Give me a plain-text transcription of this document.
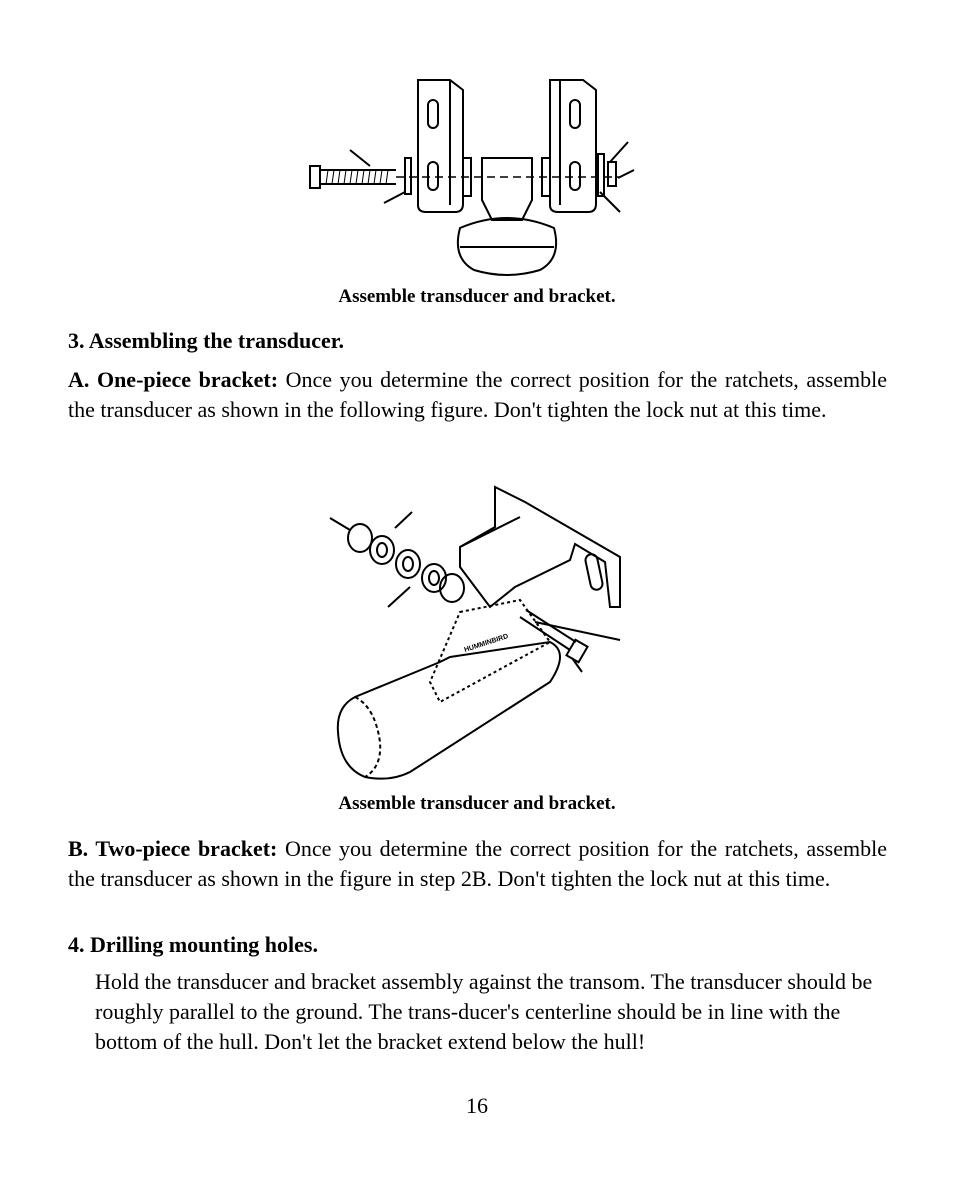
Assemble transducer and bracket.
3. Assembling the transducer.
A. One-piece bracket: Once you determine the correct position for the ratchets, assemble the transducer as shown in the following figure. Don't tighten the lock nut at this time.
HUMMINBIRD
Assemble transducer and bracket.
B. Two-piece bracket: Once you determine the correct position for the ratchets, assemble the transducer as shown in the figure in step 2B. Don't tighten the lock nut at this time.
4. Drilling mounting holes.
Hold the transducer and bracket assembly against the transom. The transducer should be roughly parallel to the ground. The trans-ducer's centerline should be in line with the bottom of the hull. Don't let the bracket extend below the hull!
16
